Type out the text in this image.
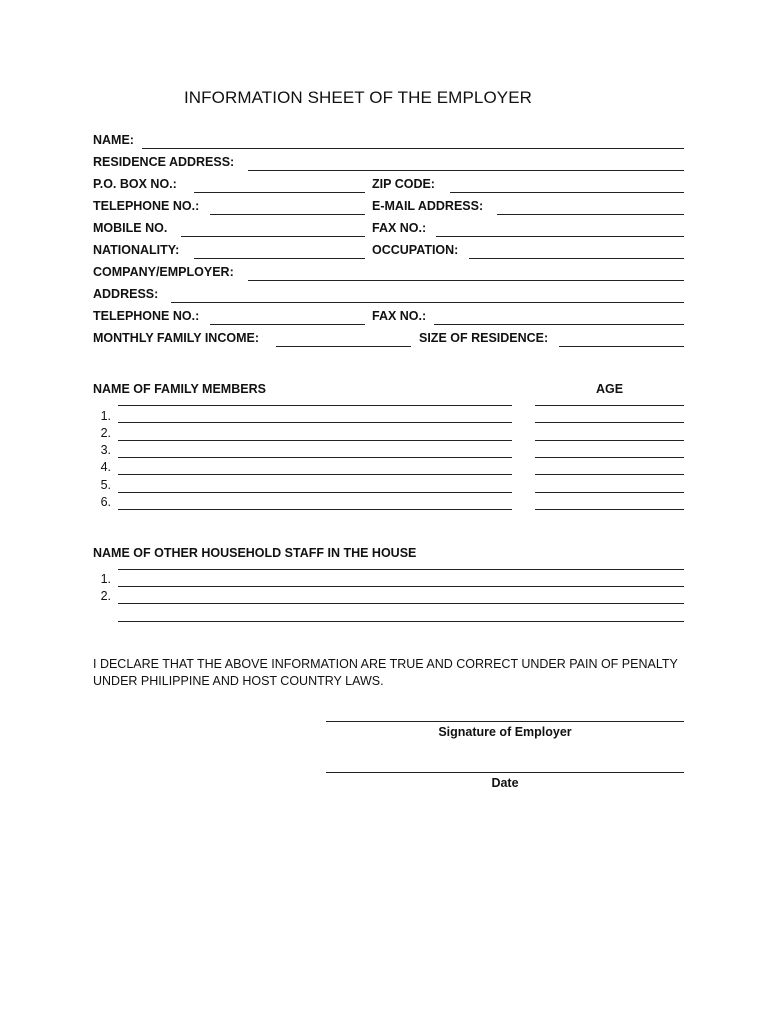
INFORMATION SHEET OF THE EMPLOYER
NAME:
RESIDENCE ADDRESS:
P.O. BOX NO.:	ZIP CODE:
TELEPHONE NO.:	E-MAIL ADDRESS:
MOBILE NO.	FAX NO.:
NATIONALITY:	OCCUPATION:
COMPANY/EMPLOYER:
ADDRESS:
TELEPHONE NO.:	FAX NO.:
MONTHLY FAMILY INCOME:	SIZE OF RESIDENCE:
NAME OF FAMILY MEMBERS	AGE
1.
2.
3.
4.
5.
6.
NAME OF OTHER HOUSEHOLD STAFF IN THE HOUSE
1.
2.
I DECLARE THAT THE ABOVE INFORMATION ARE TRUE AND CORRECT UNDER PAIN OF PENALTY UNDER PHILIPPINE AND HOST COUNTRY LAWS.
Signature of Employer
Date
